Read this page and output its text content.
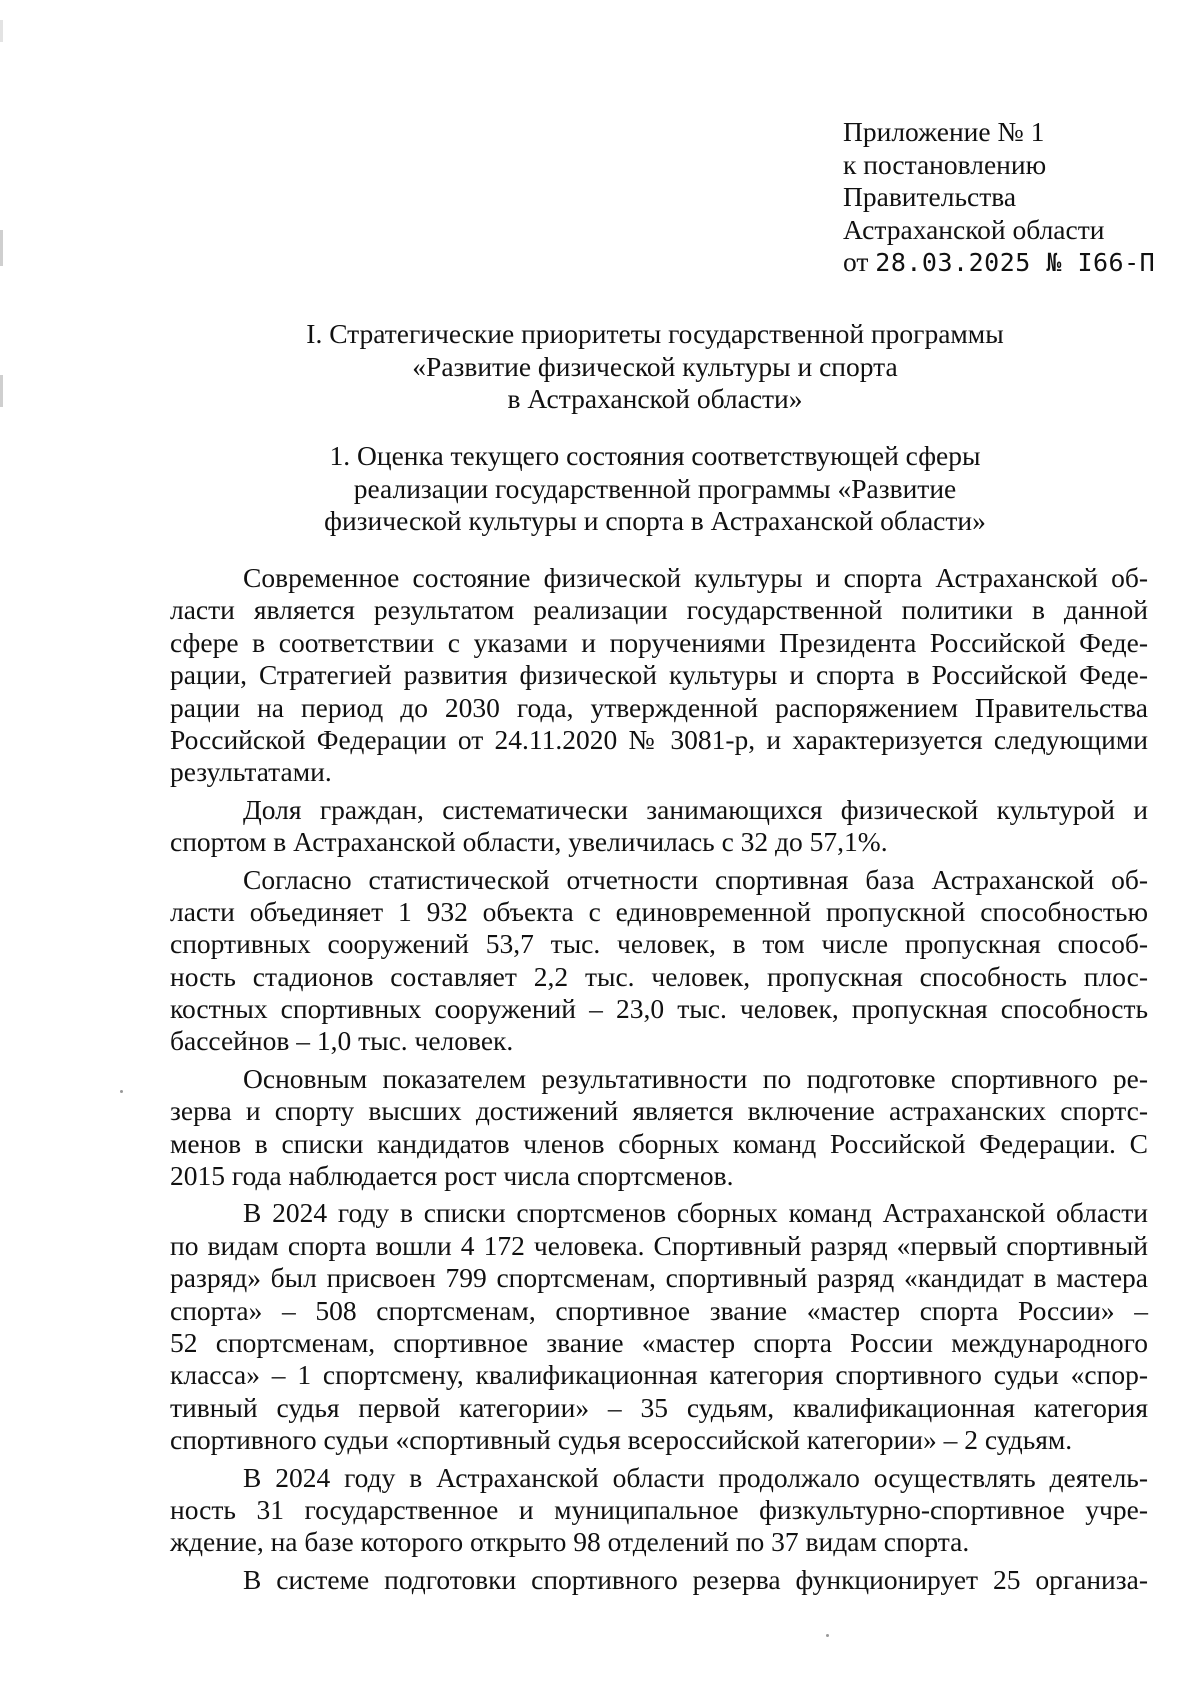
Приложение № 1
к постановлению
Правительства
Астраханской области
от 28.03.2025 № I66-П
I. Стратегические приоритеты государственной программы
«Развитие физической культуры и спорта
в Астраханской области»
1. Оценка текущего состояния соответствующей сферы
реализации государственной программы «Развитие
физической культуры и спорта в Астраханской области»
Современное состояние физической культуры и спорта Астраханской об-
ласти является результатом реализации государственной политики в данной
сфере в соответствии с указами и поручениями Президента Российской Феде-
рации, Стратегией развития физической культуры и спорта в Российской Феде-
рации на период до 2030 года, утвержденной распоряжением Правительства
Российской Федерации от 24.11.2020 № 3081-р, и характеризуется следующими
результатами.
Доля граждан, систематически занимающихся физической культурой и
спортом в Астраханской области, увеличилась с 32 до 57,1%.
Согласно статистической отчетности спортивная база Астраханской об-
ласти объединяет 1 932 объекта с единовременной пропускной способностью
спортивных сооружений 53,7 тыс. человек, в том числе пропускная способ-
ность стадионов составляет 2,2 тыс. человек, пропускная способность плос-
костных спортивных сооружений – 23,0 тыс. человек, пропускная способность
бассейнов – 1,0 тыс. человек.
Основным показателем результативности по подготовке спортивного ре-
зерва и спорту высших достижений является включение астраханских спортс-
менов в списки кандидатов членов сборных команд Российской Федерации. С
2015 года наблюдается рост числа спортсменов.
В 2024 году в списки спортсменов сборных команд Астраханской области
по видам спорта вошли 4 172 человека. Спортивный разряд «первый спортивный
разряд» был присвоен 799 спортсменам, спортивный разряд «кандидат в мастера
спорта» – 508 спортсменам, спортивное звание «мастер спорта России» –
52 спортсменам, спортивное звание «мастер спорта России международного
класса» – 1 спортсмену, квалификационная категория спортивного судьи «спор-
тивный судья первой категории» – 35 судьям, квалификационная категория
спортивного судьи «спортивный судья всероссийской категории» – 2 судьям.
В 2024 году в Астраханской области продолжало осуществлять деятель-
ность 31 государственное и муниципальное физкультурно-спортивное учре-
ждение, на базе которого открыто 98 отделений по 37 видам спорта.
В системе подготовки спортивного резерва функционирует 25 организа-
